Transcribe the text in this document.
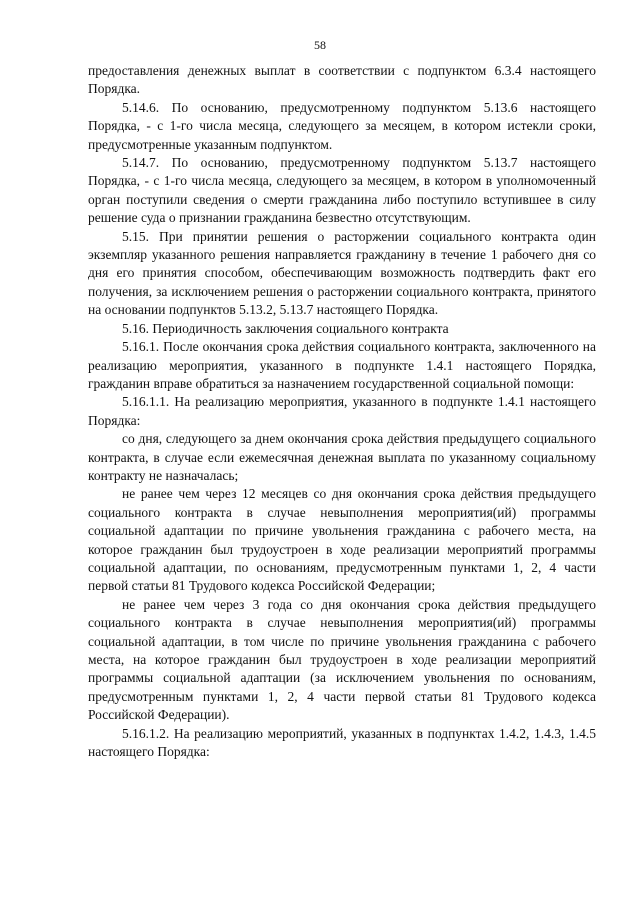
58

предоставления денежных выплат в соответствии с подпунктом 6.3.4 настоящего Порядка.

5.14.6. По основанию, предусмотренному подпунктом 5.13.6 настоящего Порядка, - с 1-го числа месяца, следующего за месяцем, в котором истекли сроки, предусмотренные указанным подпунктом.

5.14.7. По основанию, предусмотренному подпунктом 5.13.7 настоящего Порядка, - с 1-го числа месяца, следующего за месяцем, в котором в уполномоченный орган поступили сведения о смерти гражданина либо поступило вступившее в силу решение суда о признании гражданина безвестно отсутствующим.

5.15. При принятии решения о расторжении социального контракта один экземпляр указанного решения направляется гражданину в течение 1 рабочего дня со дня его принятия способом, обеспечивающим возможность подтвердить факт его получения, за исключением решения о расторжении социального контракта, принятого на основании подпунктов 5.13.2, 5.13.7 настоящего Порядка.

5.16. Периодичность заключения социального контракта

5.16.1. После окончания срока действия социального контракта, заключенного на реализацию мероприятия, указанного в подпункте 1.4.1 настоящего Порядка, гражданин вправе обратиться за назначением государственной социальной помощи:

5.16.1.1. На реализацию мероприятия, указанного в подпункте 1.4.1 настоящего Порядка:

со дня, следующего за днем окончания срока действия предыдущего социального контракта, в случае если ежемесячная денежная выплата по указанному социальному контракту не назначалась;

не ранее чем через 12 месяцев со дня окончания срока действия предыдущего социального контракта в случае невыполнения мероприятия(ий) программы социальной адаптации по причине увольнения гражданина с рабочего места, на которое гражданин был трудоустроен в ходе реализации мероприятий программы социальной адаптации, по основаниям, предусмотренным пунктами 1, 2, 4 части первой статьи 81 Трудового кодекса Российской Федерации;

не ранее чем через 3 года со дня окончания срока действия предыдущего социального контракта в случае невыполнения мероприятия(ий) программы социальной адаптации, в том числе по причине увольнения гражданина с рабочего места, на которое гражданин был трудоустроен в ходе реализации мероприятий программы социальной адаптации (за исключением увольнения по основаниям, предусмотренным пунктами 1, 2, 4 части первой статьи 81 Трудового кодекса Российской Федерации).

5.16.1.2. На реализацию мероприятий, указанных в подпунктах 1.4.2, 1.4.3, 1.4.5 настоящего Порядка:
